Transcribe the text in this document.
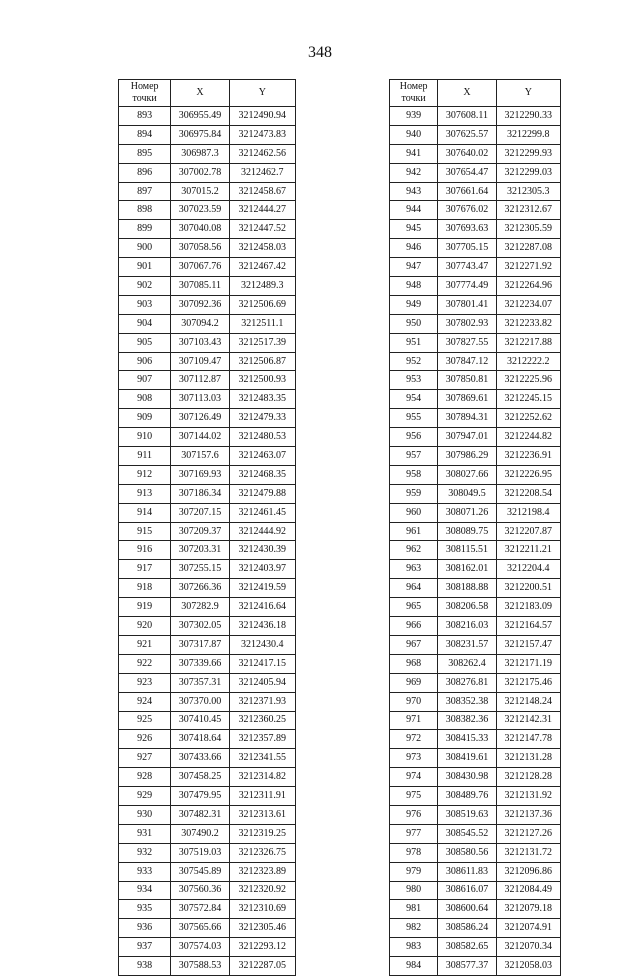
348
Номер
точки	X	Y
893	306955.49	3212490.94
894	306975.84	3212473.83
895	306987.3	3212462.56
896	307002.78	3212462.7
897	307015.2	3212458.67
898	307023.59	3212444.27
899	307040.08	3212447.52
900	307058.56	3212458.03
901	307067.76	3212467.42
902	307085.11	3212489.3
903	307092.36	3212506.69
904	307094.2	3212511.1
905	307103.43	3212517.39
906	307109.47	3212506.87
907	307112.87	3212500.93
908	307113.03	3212483.35
909	307126.49	3212479.33
910	307144.02	3212480.53
911	307157.6	3212463.07
912	307169.93	3212468.35
913	307186.34	3212479.88
914	307207.15	3212461.45
915	307209.37	3212444.92
916	307203.31	3212430.39
917	307255.15	3212403.97
918	307266.36	3212419.59
919	307282.9	3212416.64
920	307302.05	3212436.18
921	307317.87	3212430.4
922	307339.66	3212417.15
923	307357.31	3212405.94
924	307370.00	3212371.93
925	307410.45	3212360.25
926	307418.64	3212357.89
927	307433.66	3212341.55
928	307458.25	3212314.82
929	307479.95	3212311.91
930	307482.31	3212313.61
931	307490.2	3212319.25
932	307519.03	3212326.75
933	307545.89	3212323.89
934	307560.36	3212320.92
935	307572.84	3212310.69
936	307565.66	3212305.46
937	307574.03	3212293.12
938	307588.53	3212287.05
Номер
точки	X	Y
939	307608.11	3212290.33
940	307625.57	3212299.8
941	307640.02	3212299.93
942	307654.47	3212299.03
943	307661.64	3212305.3
944	307676.02	3212312.67
945	307693.63	3212305.59
946	307705.15	3212287.08
947	307743.47	3212271.92
948	307774.49	3212264.96
949	307801.41	3212234.07
950	307802.93	3212233.82
951	307827.55	3212217.88
952	307847.12	3212222.2
953	307850.81	3212225.96
954	307869.61	3212245.15
955	307894.31	3212252.62
956	307947.01	3212244.82
957	307986.29	3212236.91
958	308027.66	3212226.95
959	308049.5	3212208.54
960	308071.26	3212198.4
961	308089.75	3212207.87
962	308115.51	3212211.21
963	308162.01	3212204.4
964	308188.88	3212200.51
965	308206.58	3212183.09
966	308216.03	3212164.57
967	308231.57	3212157.47
968	308262.4	3212171.19
969	308276.81	3212175.46
970	308352.38	3212148.24
971	308382.36	3212142.31
972	308415.33	3212147.78
973	308419.61	3212131.28
974	308430.98	3212128.28
975	308489.76	3212131.92
976	308519.63	3212137.36
977	308545.52	3212127.26
978	308580.56	3212131.72
979	308611.83	3212096.86
980	308616.07	3212084.49
981	308600.64	3212079.18
982	308586.24	3212074.91
983	308582.65	3212070.34
984	308577.37	3212058.03
